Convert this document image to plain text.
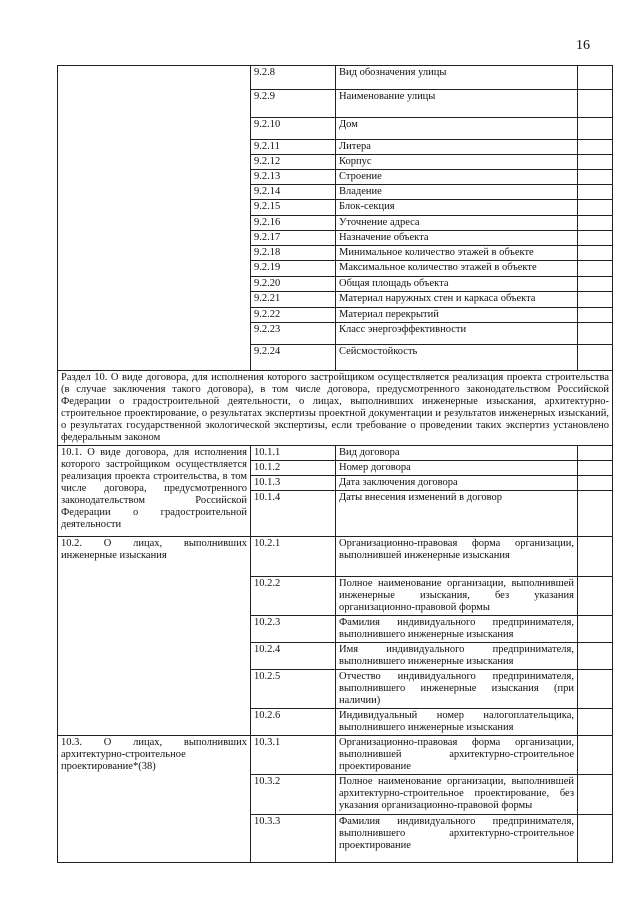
16
	9.2.8	Вид обозначения улицы	
	9.2.9	Наименование улицы	
	9.2.10	Дом	
	9.2.11	Литера	
	9.2.12	Корпус	
	9.2.13	Строение	
	9.2.14	Владение	
	9.2.15	Блок-секция	
	9.2.16	Уточнение адреса	
	9.2.17	Назначение объекта	
	9.2.18	Минимальное количество этажей в объекте	
	9.2.19	Максимальное количество этажей в объекте	
	9.2.20	Общая площадь объекта	
	9.2.21	Материал наружных стен и каркаса объекта	
	9.2.22	Материал перекрытий	
	9.2.23	Класс энергоэффективности	
	9.2.24	Сейсмостойкость	
Раздел 10. О виде договора, для исполнения которого застройщиком осуществляется реализация проекта строительства (в случае заключения такого договора), в том числе договора, предусмотренного законодательством Российской Федерации о градостроительной деятельности, о лицах, выполнивших инженерные изыскания, архитектурно-строительное проектирование, о результатах экспертизы проектной документации и результатов инженерных изысканий, о результатах государственной экологической экспертизы, если требование о проведении таких экспертиз установлено федеральным законом			
10.1. О виде договора, для исполнения которого застройщиком осуществляется реализация проекта строительства, в том числе договора, предусмотренного законодательством Российской Федерации о градостроительной деятельности	10.1.1	Вид договора	
	10.1.2	Номер договора	
	10.1.3	Дата заключения договора	
	10.1.4	Даты внесения изменений в договор	
10.2. О лицах, выполнивших инженерные изыскания	10.2.1	Организационно-правовая форма организации, выполнившей инженерные изыскания	
	10.2.2	Полное наименование организации, выполнившей инженерные изыскания, без указания организационно-правовой формы	
	10.2.3	Фамилия индивидуального предпринимателя, выполнившего инженерные изыскания	
	10.2.4	Имя индивидуального предпринимателя, выполнившего инженерные изыскания	
	10.2.5	Отчество индивидуального предпринимателя, выполнившего инженерные изыскания (при наличии)	
	10.2.6	Индивидуальный номер налогоплательщика, выполнившего инженерные изыскания	
10.3. О лицах, выполнивших архитектурно-строительное проектирование*(38)	10.3.1	Организационно-правовая форма организации, выполнившей архитектурно-строительное проектирование	
	10.3.2	Полное наименование организации, выполнившей архитектурно-строительное проектирование, без указания организационно-правовой формы	
	10.3.3	Фамилия индивидуального предпринимателя, выполнившего архитектурно-строительное проектирование	
